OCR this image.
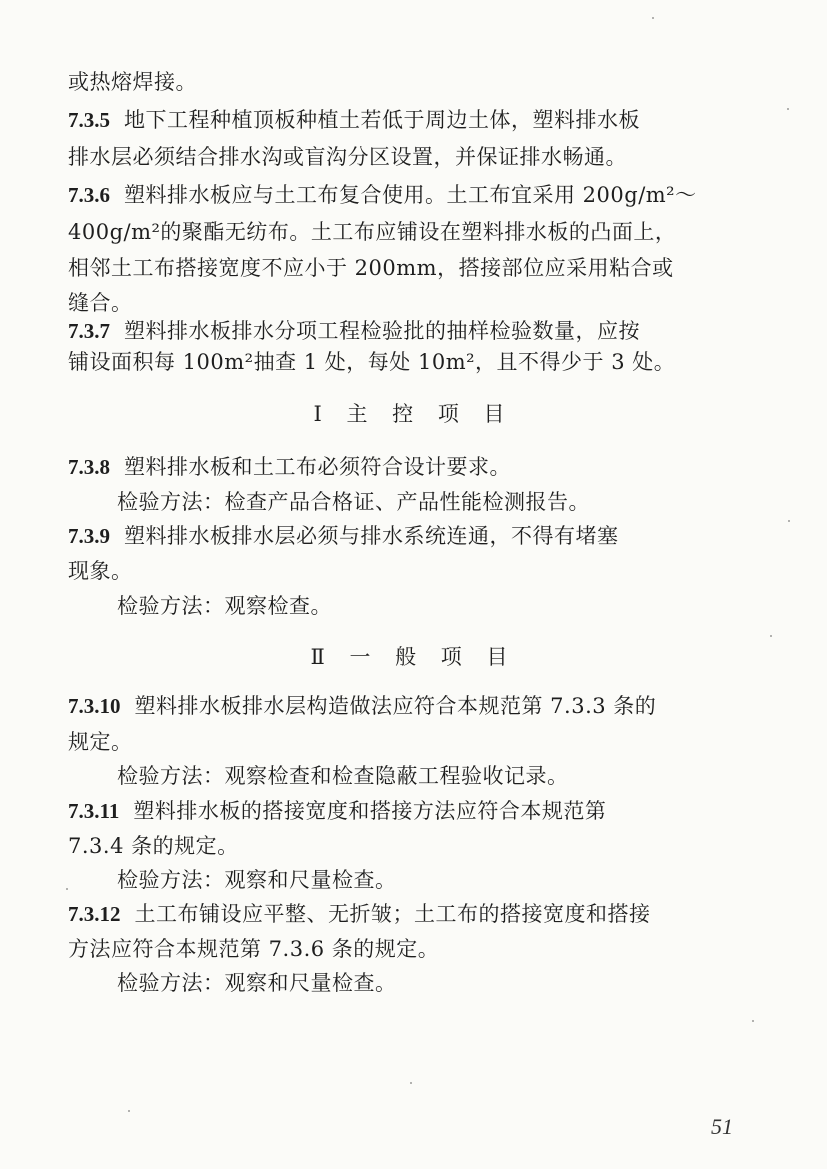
或热熔焊接。
7.3.5 地下工程种植顶板种植土若低于周边土体，塑料排水板
排水层必须结合排水沟或盲沟分区设置，并保证排水畅通。
7.3.6 塑料排水板应与土工布复合使用。土工布宜采用 200g/m²～
400g/m²的聚酯无纺布。土工布应铺设在塑料排水板的凸面上，
相邻土工布搭接宽度不应小于 200mm，搭接部位应采用粘合或
缝合。
7.3.7 塑料排水板排水分项工程检验批的抽样检验数量，应按
铺设面积每 100m²抽查 1 处，每处 10m²，且不得少于 3 处。
Ⅰ 主 控 项 目
7.3.8 塑料排水板和土工布必须符合设计要求。
检验方法：检查产品合格证、产品性能检测报告。
7.3.9 塑料排水板排水层必须与排水系统连通，不得有堵塞
现象。
检验方法：观察检查。
Ⅱ 一 般 项 目
7.3.10 塑料排水板排水层构造做法应符合本规范第 7.3.3 条的
规定。
检验方法：观察检查和检查隐蔽工程验收记录。
7.3.11 塑料排水板的搭接宽度和搭接方法应符合本规范第
7.3.4 条的规定。
检验方法：观察和尺量检查。
7.3.12 土工布铺设应平整、无折皱；土工布的搭接宽度和搭接
方法应符合本规范第 7.3.6 条的规定。
检验方法：观察和尺量检查。
51
